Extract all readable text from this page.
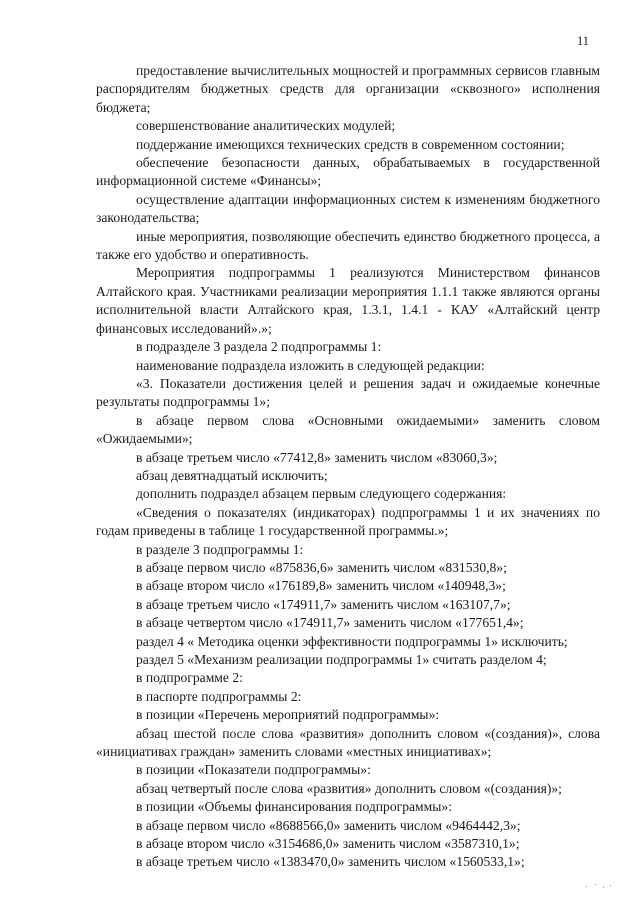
11

предоставление вычислительных мощностей и программных сервисов главным распорядителям бюджетных средств для организации «сквозного» исполнения бюджета;

совершенствование аналитических модулей;

поддержание имеющихся технических средств в современном состоянии;

обеспечение безопасности данных, обрабатываемых в государственной информационной системе «Финансы»;

осуществление адаптации информационных систем к изменениям бюджетного законодательства;

иные мероприятия, позволяющие обеспечить единство бюджетного процесса, а также его удобство и оперативность.

Мероприятия подпрограммы 1 реализуются Министерством финансов Алтайского края. Участниками реализации мероприятия 1.1.1 также являются органы исполнительной власти Алтайского края, 1.3.1, 1.4.1 - КАУ «Алтайский центр финансовых исследований».»;

в подразделе 3 раздела 2 подпрограммы 1:

наименование подраздела изложить в следующей редакции:

«3. Показатели достижения целей и решения задач и ожидаемые конечные результаты подпрограммы 1»;

в абзаце первом слова «Основными ожидаемыми» заменить словом «Ожидаемыми»;

в абзаце третьем число «77412,8» заменить числом «83060,3»;

абзац девятнадцатый исключить;

дополнить подраздел абзацем первым следующего содержания:

«Сведения о показателях (индикаторах) подпрограммы 1 и их значениях по годам приведены в таблице 1 государственной программы.»;

в разделе 3 подпрограммы 1:

в абзаце первом число «875836,6» заменить числом «831530,8»;

в абзаце втором число «176189,8» заменить числом «140948,3»;

в абзаце третьем число «174911,7» заменить числом «163107,7»;

в абзаце четвертом число «174911,7» заменить числом «177651,4»;

раздел 4 « Методика оценки эффективности подпрограммы 1» исключить;

раздел 5 «Механизм реализации подпрограммы 1» считать разделом 4;

в подпрограмме 2:

в паспорте подпрограммы 2:

в позиции «Перечень мероприятий подпрограммы»:

абзац шестой после слова «развития» дополнить словом «(создания)», слова «инициативах граждан» заменить словами «местных инициативах»;

в позиции «Показатели подпрограммы»:

абзац четвертый после слова «развития» дополнить словом «(создания)»;

в позиции «Объемы финансирования подпрограммы»:

в абзаце первом число «8688566,0» заменить числом «9464442,3»;

в абзаце втором число «3154686,0» заменить числом «3587310,1»;

в абзаце третьем число «1383470,0» заменить числом «1560533,1»;
